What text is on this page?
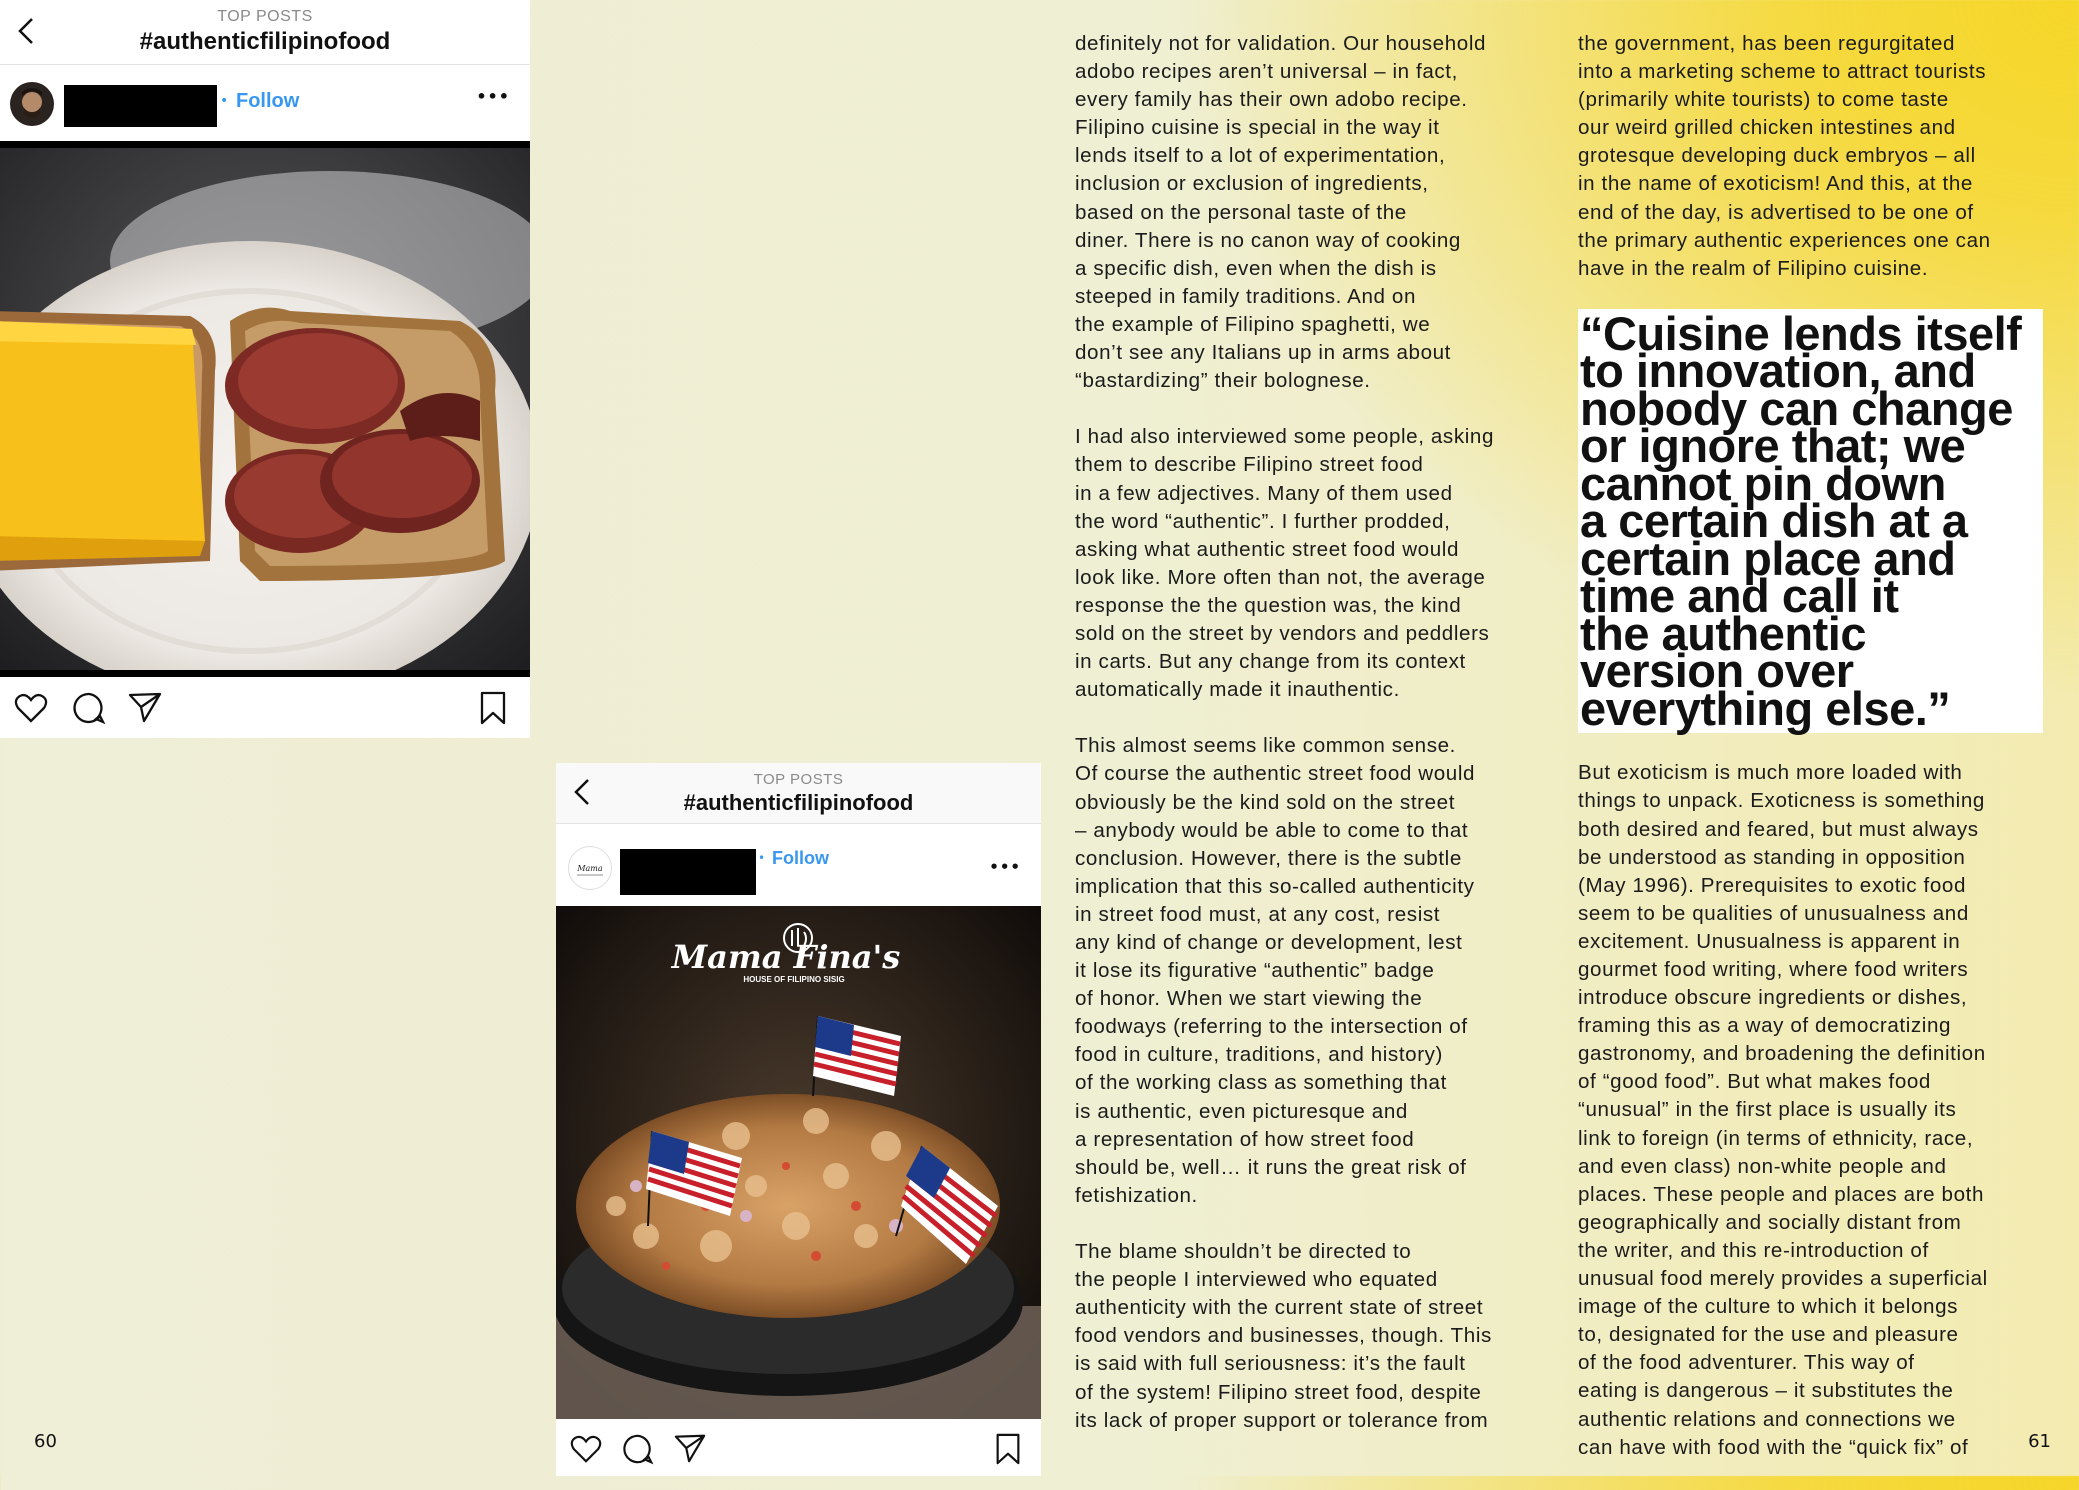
TOP POSTS
#authenticfilipinofood
• Follow	•••
TOP POSTS
#authenticfilipinofood
Mama
• Follow	•••
Mama Fina's
HOUSE OF FILIPINO SISIG

definitely not for validation. Our household
adobo recipes aren’t universal – in fact,
every family has their own adobo recipe.
Filipino cuisine is special in the way it
lends itself to a lot of experimentation,
inclusion or exclusion of ingredients,
based on the personal taste of the
diner. There is no canon way of cooking
a specific dish, even when the dish is
steeped in family traditions. And on
the example of Filipino spaghetti, we
don’t see any Italians up in arms about
“bastardizing” their bolognese.

I had also interviewed some people, asking
them to describe Filipino street food
in a few adjectives. Many of them used
the word “authentic”. I further prodded,
asking what authentic street food would
look like. More often than not, the average
response the the question was, the kind
sold on the street by vendors and peddlers
in carts. But any change from its context
automatically made it inauthentic.

This almost seems like common sense.
Of course the authentic street food would
obviously be the kind sold on the street
– anybody would be able to come to that
conclusion. However, there is the subtle
implication that this so-called authenticity
in street food must, at any cost, resist
any kind of change or development, lest
it lose its figurative “authentic” badge
of honor. When we start viewing the
foodways (referring to the intersection of
food in culture, traditions, and history)
of the working class as something that
is authentic, even picturesque and
a representation of how street food
should be, well… it runs the great risk of
fetishization.

The blame shouldn’t be directed to
the people I interviewed who equated
authenticity with the current state of street
food vendors and businesses, though. This
is said with full seriousness: it’s the fault
of the system! Filipino street food, despite
its lack of proper support or tolerance from

the government, has been regurgitated
into a marketing scheme to attract tourists
(primarily white tourists) to come taste
our weird grilled chicken intestines and
grotesque developing duck embryos – all
in the name of exoticism! And this, at the
end of the day, is advertised to be one of
the primary authentic experiences one can
have in the realm of Filipino cuisine.

“Cuisine lends itself
to innovation, and
nobody can change
or ignore that; we
cannot pin down
a certain dish at a
certain place and
time and call it
the authentic
version over
everything else.”

But exoticism is much more loaded with
things to unpack. Exoticness is something
both desired and feared, but must always
be understood as standing in opposition
(May 1996). Prerequisites to exotic food
seem to be qualities of unusualness and
excitement. Unusualness is apparent in
gourmet food writing, where food writers
introduce obscure ingredients or dishes,
framing this as a way of democratizing
gastronomy, and broadening the definition
of “good food”. But what makes food
“unusual” in the first place is usually its
link to foreign (in terms of ethnicity, race,
and even class) non-white people and
places. These people and places are both
geographically and socially distant from
the writer, and this re-introduction of
unusual food merely provides a superficial
image of the culture to which it belongs
to, designated for the use and pleasure
of the food adventurer. This way of
eating is dangerous – it substitutes the
authentic relations and connections we
can have with food with the “quick fix” of

60	61
